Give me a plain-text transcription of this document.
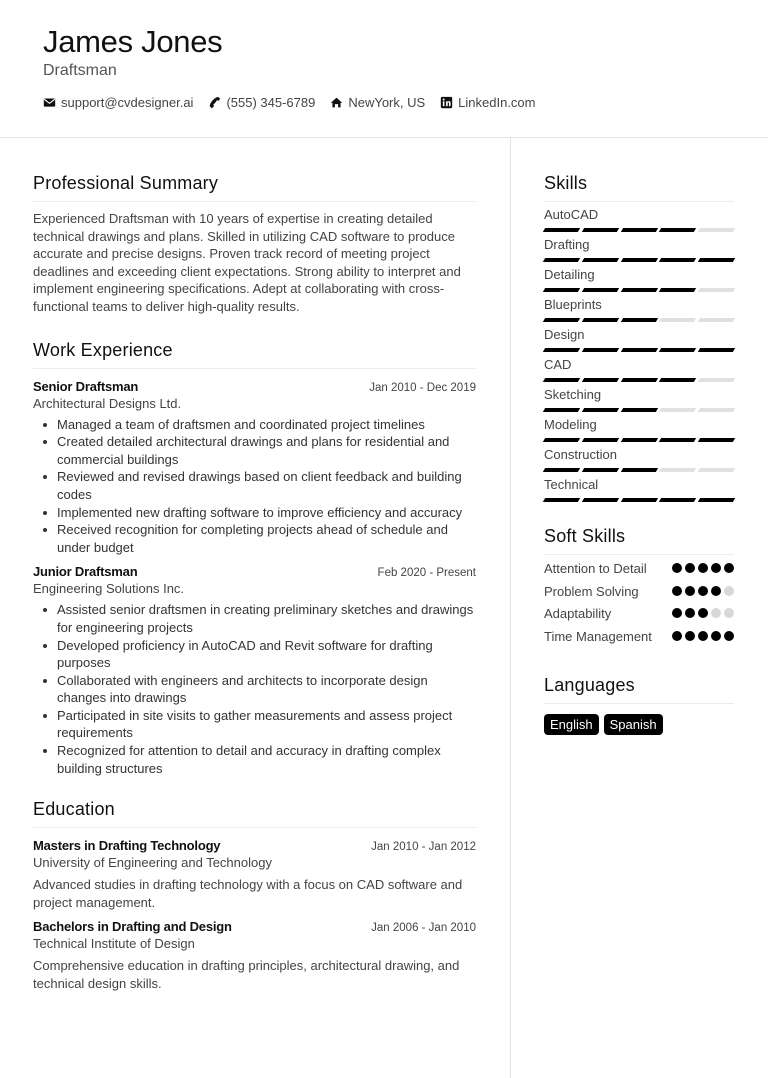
James Jones
Draftsman
support@cvdesigner.ai	(555) 345-6789	NewYork, US	LinkedIn.com
Professional Summary

Experienced Draftsman with 10 years of expertise in creating detailed technical drawings and plans. Skilled in utilizing CAD software to produce accurate and precise designs. Proven track record of meeting project deadlines and exceeding client expectations. Strong ability to interpret and implement engineering specifications. Adept at collaborating with cross-functional teams to deliver high-quality results.

Work Experience
Senior Draftsman	Jan 2010 - Dec 2019
Architectural Designs Ltd.
Managed a team of draftsmen and coordinated project timelines
Created detailed architectural drawings and plans for residential and commercial buildings
Reviewed and revised drawings based on client feedback and building codes
Implemented new drafting software to improve efficiency and accuracy
Received recognition for completing projects ahead of schedule and under budget
Junior Draftsman	Feb 2020 - Present
Engineering Solutions Inc.
Assisted senior draftsmen in creating preliminary sketches and drawings for engineering projects
Developed proficiency in AutoCAD and Revit software for drafting purposes
Collaborated with engineers and architects to incorporate design changes into drawings
Participated in site visits to gather measurements and assess project requirements
Recognized for attention to detail and accuracy in drafting complex building structures
Education
Masters in Drafting Technology	Jan 2010 - Jan 2012
University of Engineering and Technology

Advanced studies in drafting technology with a focus on CAD software and project management.

Bachelors in Drafting and Design	Jan 2006 - Jan 2010
Technical Institute of Design

Comprehensive education in drafting principles, architectural drawing, and technical design skills.

Skills
AutoCAD
Drafting
Detailing
Blueprints
Design
CAD
Sketching
Modeling
Construction
Technical
Soft Skills
Attention to Detail
Problem Solving
Adaptability
Time Management
Languages
English	Spanish
